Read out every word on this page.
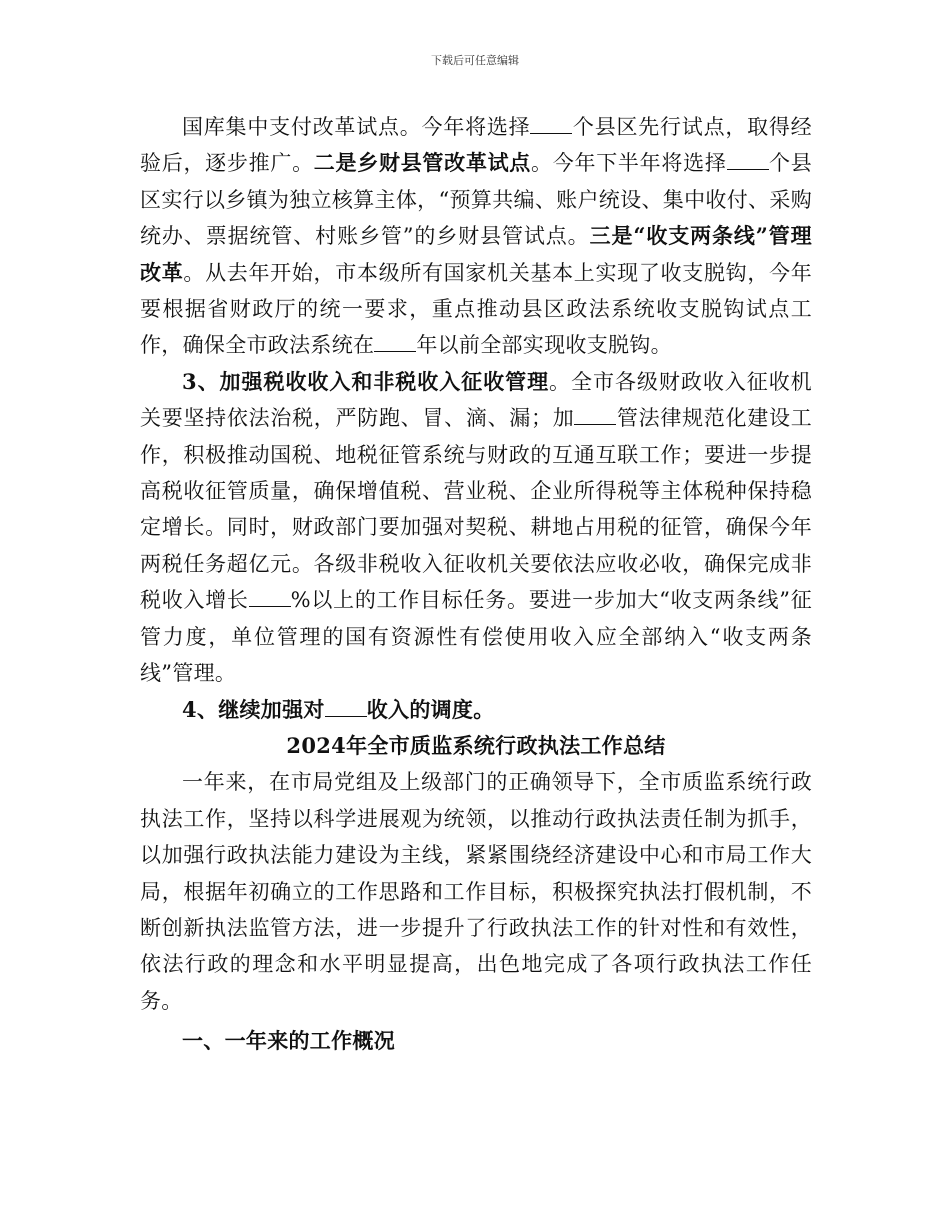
下载后可任意编辑

国库集中支付改革试点。今年将选择 个县区先行试点，取得经验后，逐步推广。二是乡财县管改革试点。今年下半年将选择 个县区实行以乡镇为独立核算主体，“预算共编、账户统设、集中收付、采购统办、票据统管、村账乡管”的乡财县管试点。三是“收支两条线”管理改革。从去年开始，市本级所有国家机关基本上实现了收支脱钩，今年要根据省财政厅的统一要求，重点推动县区政法系统收支脱钩试点工作，确保全市政法系统在 年以前全部实现收支脱钩。

3、加强税收收入和非税收入征收管理。全市各级财政收入征收机关要坚持依法治税，严防跑、冒、滴、漏；加 管法律规范化建设工作，积极推动国税、地税征管系统与财政的互通互联工作；要进一步提高税收征管质量，确保增值税、营业税、企业所得税等主体税种保持稳定增长。同时，财政部门要加强对契税、耕地占用税的征管，确保今年两税任务超亿元。各级非税收入征收机关要依法应收必收，确保完成非税收入增长 %以上的工作目标任务。要进一步加大“收支两条线”征管力度，单位管理的国有资源性有偿使用收入应全部纳入“收支两条线”管理。

4、继续加强对 收入的调度。

2024年全市质监系统行政执法工作总结

一年来，在市局党组及上级部门的正确领导下，全市质监系统行政执法工作，坚持以科学进展观为统领，以推动行政执法责任制为抓手，以加强行政执法能力建设为主线，紧紧围绕经济建设中心和市局工作大局，根据年初确立的工作思路和工作目标，积极探究执法打假机制，不断创新执法监管方法，进一步提升了行政执法工作的针对性和有效性，依法行政的理念和水平明显提高，出色地完成了各项行政执法工作任务。

一、一年来的工作概况
